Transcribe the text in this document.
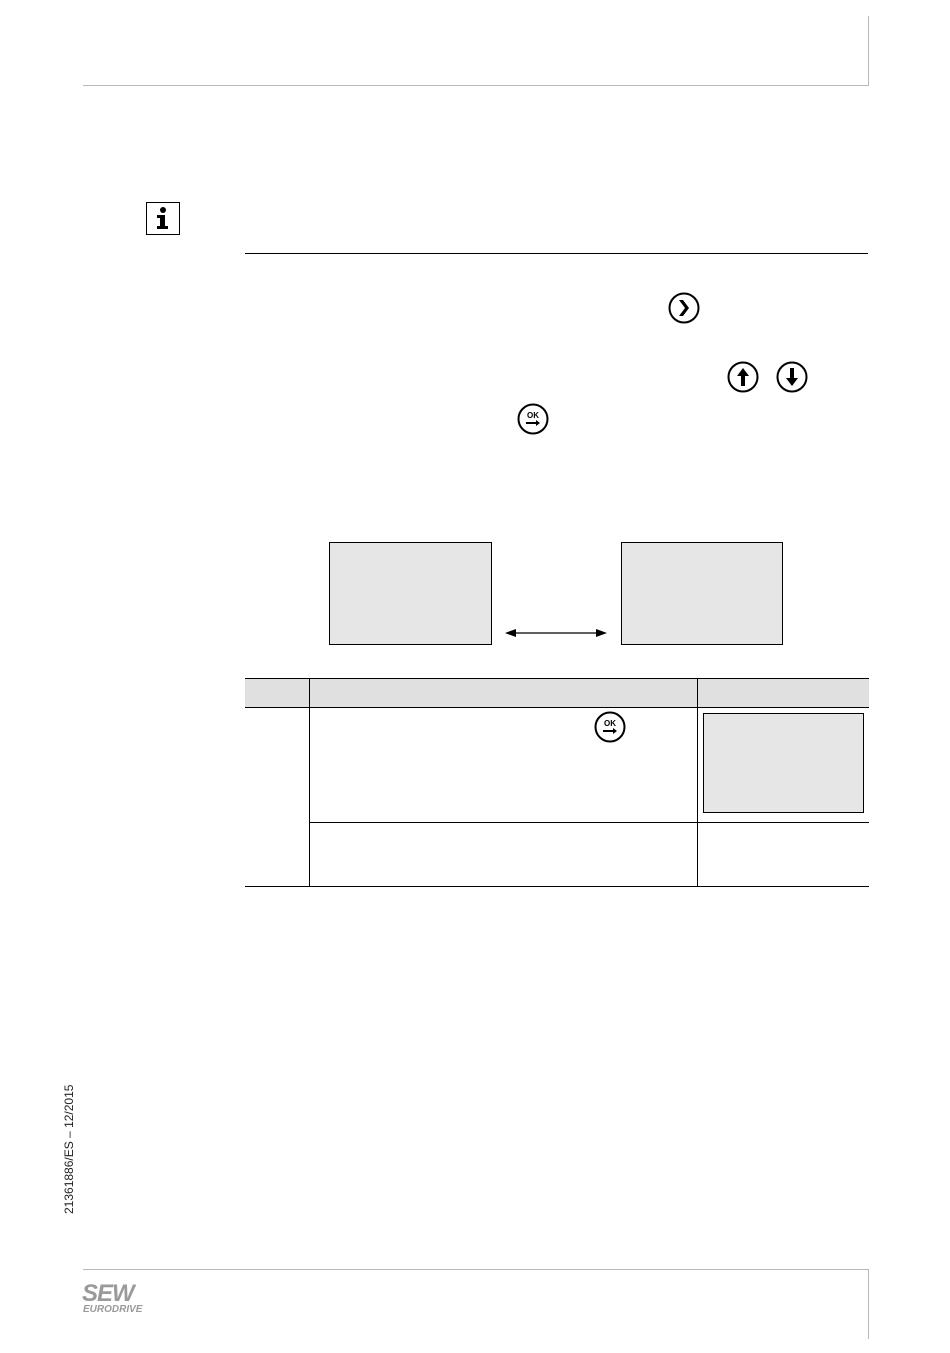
OK

OK	

21361886/ES – 12/2015
SEW
EURODRIVE
